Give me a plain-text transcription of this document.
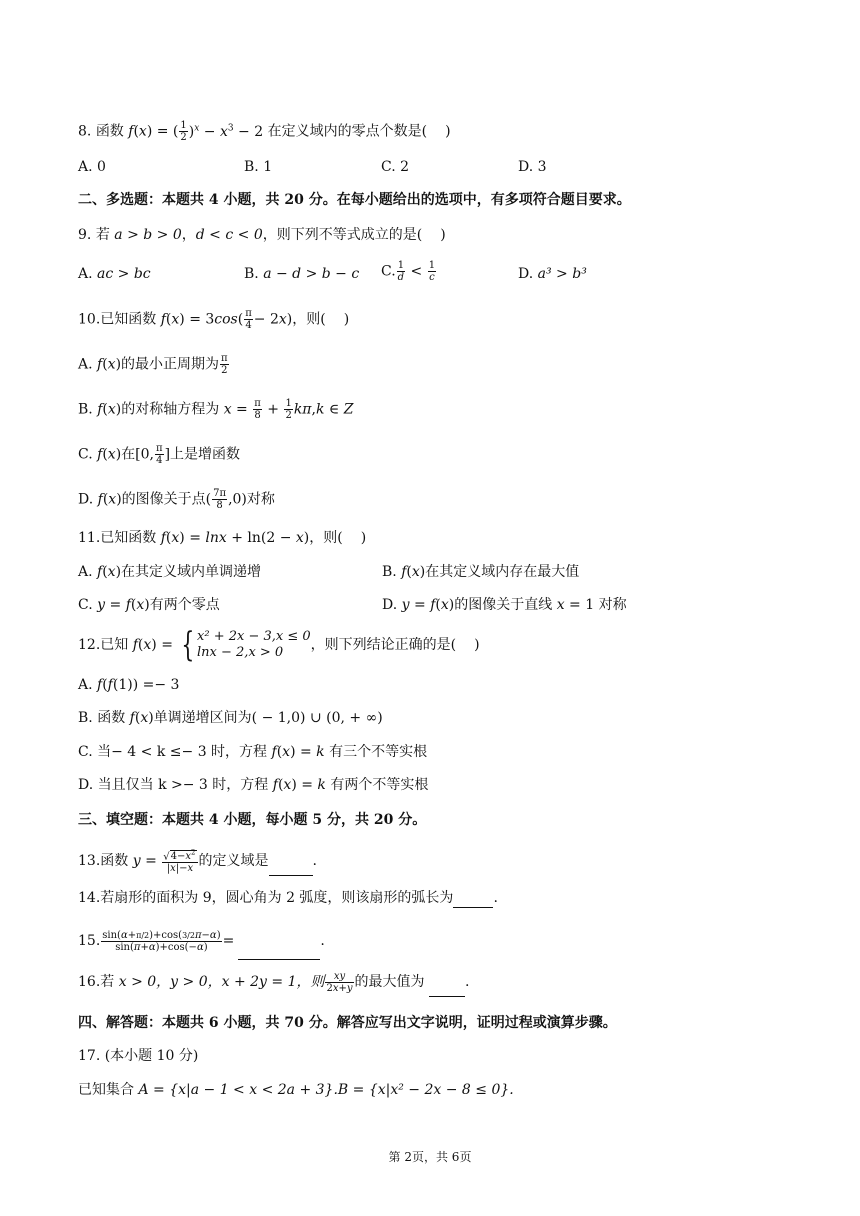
8. 函数 f(x) = ( $\frac{1}{2} )^x - x^3 - 2$ 在定义域内的零点个数是( )
A. 0	B. 1	C. 2	D. 3
二、多选题：本题共 4 小题，共 20 分。在每小题给出的选项中，有多项符合题目要求。
9. 若 a > b > 0，d < c < 0，则下列不等式成立的是( )
A. ac > bc	B. a − d > b − c C. $\frac{1}{d} < \frac{1}{c}$	D. a³ > b³
10.已知函数 $f(x) = 3\cos( \frac{\pi}{4} - 2x)$，则( )
A. f(x)的最小正周期为 $\frac{\pi}{2}$
B. f(x)的对称轴方程为 $x = \frac{\pi}{8} + \frac{1}{2} k\pi,k$ ∈ Z
C. f(x)在[0, $\frac{\pi}{4}$ ]上是增函数
D. f(x)的图像关于点( $\frac{7\pi}{8} ,0$)对称
11.已知函数 f(x) = lnx + ln(2 − x)，则( )
A. f(x)在其定义域内单调递增	B. f(x)在其定义域内存在最大值
C. y = f(x)有两个零点	D. y = f(x)的图像关于直线 x = 1 对称
12.已知 f(x) = { x² + 2x − 3,x ≤ 0
lnx − 2,x > 0	，则下列结论正确的是( )
A. f(f(1)) =− 3
B. 函数 f(x)单调递增区间为( − 1,0) ∪ (0, + ∞)
C. 当− 4 < k ≤− 3 时，方程 f(x) = k 有三个不等实根
D. 当且仅当 k >− 3 时，方程 f(x) = k 有两个不等实根
三、填空题：本题共 4 小题，每小题 5 分，共 20 分。
13.函数 $y = \frac{√4-x^2}{|x|-x}$ 的定义域是	.
14.若扇形的面积为 9，圆心角为 2 弧度，则该扇形的弧长为	.
15. $\frac{\sin(\alpha+\pi/2)+\cos(3/2\pi-\alpha)}{\sin(\pi+\alpha)+\cos(-\alpha)}$ =	.
16.若 x > 0，y > 0，x + 2y = 1，则 $\frac{xy}{2x+y}$ 的最大值为	.
四、解答题：本题共 6 小题，共 70 分。解答应写出文字说明，证明过程或演算步骤。
17. (本小题 10 分)
已知集合 A = {x|a − 1 < x < 2a + 3}.B = {x|x² − 2x − 8 ≤ 0}.
第 2页，共 6页
